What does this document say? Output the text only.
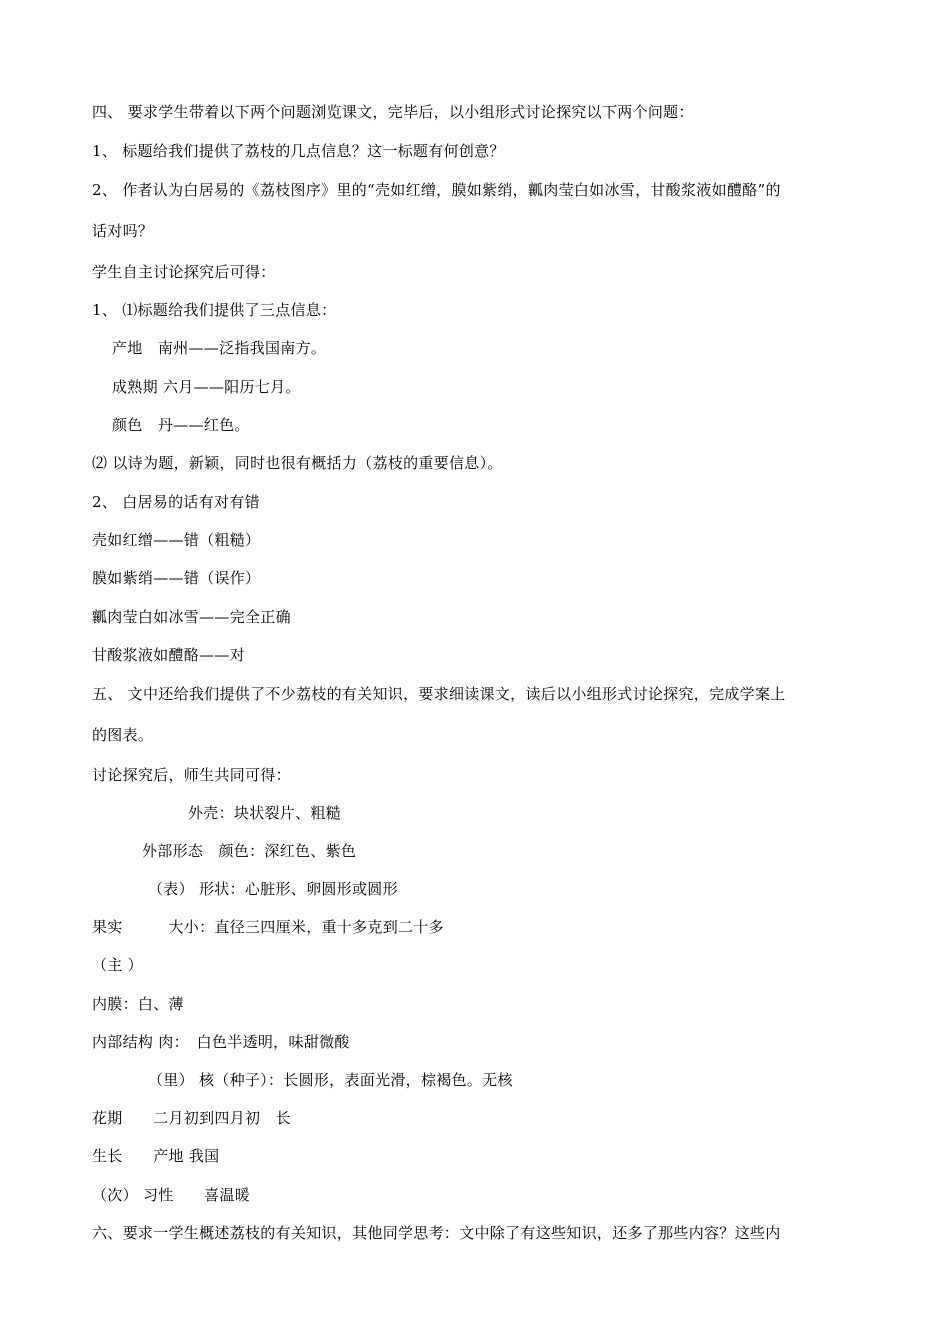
四、 要求学生带着以下两个问题浏览课文，完毕后，以小组形式讨论探究以下两个问题：
1、 标题给我们提供了荔枝的几点信息？这一标题有何创意？
2、 作者认为白居易的《荔枝图序》里的“壳如红缯，膜如紫绡，瓤肉莹白如冰雪，甘酸浆液如醴酪”的
话对吗？
学生自主讨论探究后可得：
1、 ⑴标题给我们提供了三点信息：
产地　南州——泛指我国南方。
成熟期 六月——阳历七月。
颜色　丹——红色。
⑵ 以诗为题，新颖，同时也很有概括力（荔枝的重要信息）。
2、 白居易的话有对有错
壳如红缯——错（粗糙）
膜如紫绡——错（误作）
瓤肉莹白如冰雪——完全正确
甘酸浆液如醴酪——对
五、 文中还给我们提供了不少荔枝的有关知识，要求细读课文，读后以小组形式讨论探究，完成学案上
的图表。
讨论探究后，师生共同可得：
外壳：块状裂片、粗糙
外部形态　颜色：深红色、紫色
（表） 形状：心脏形、卵圆形或圆形
果实　　　大小：直径三四厘米，重十多克到二十多
（主 ）
内膜：白、薄
内部结构 肉：　白色半透明，味甜微酸
（里） 核（种子）：长圆形，表面光滑，棕褐色。无核
花期　　二月初到四月初　长
生长　　产地 我国
（次） 习性　　喜温暖
六、要求一学生概述荔枝的有关知识，其他同学思考：文中除了有这些知识，还多了那些内容？这些内
